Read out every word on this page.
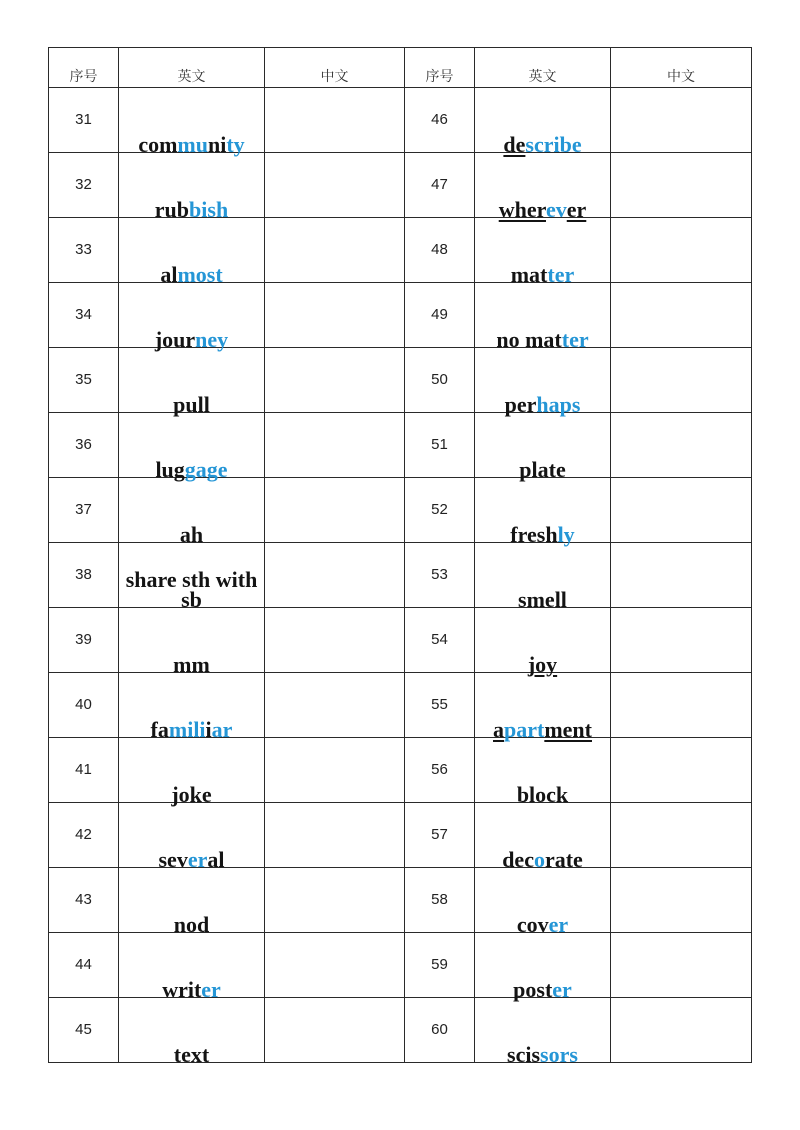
序号	英文	中文	序号	英文	中文

31	community		46	describe	

32	rubbish		47	wherever	

33	almost		48	matter	

34	journey		49	no matter	

35	pull		50	perhaps	

36	luggage		51	plate	

37	ah		52	freshly	

38	share sth with sb		53	smell	

39	mm		54	joy	

40	familiiar		55	apartment	

41	joke		56	block	

42	several		57	decorate	

43	nod		58	cover	

44	writer		59	poster	

45	text		60	scissors	
